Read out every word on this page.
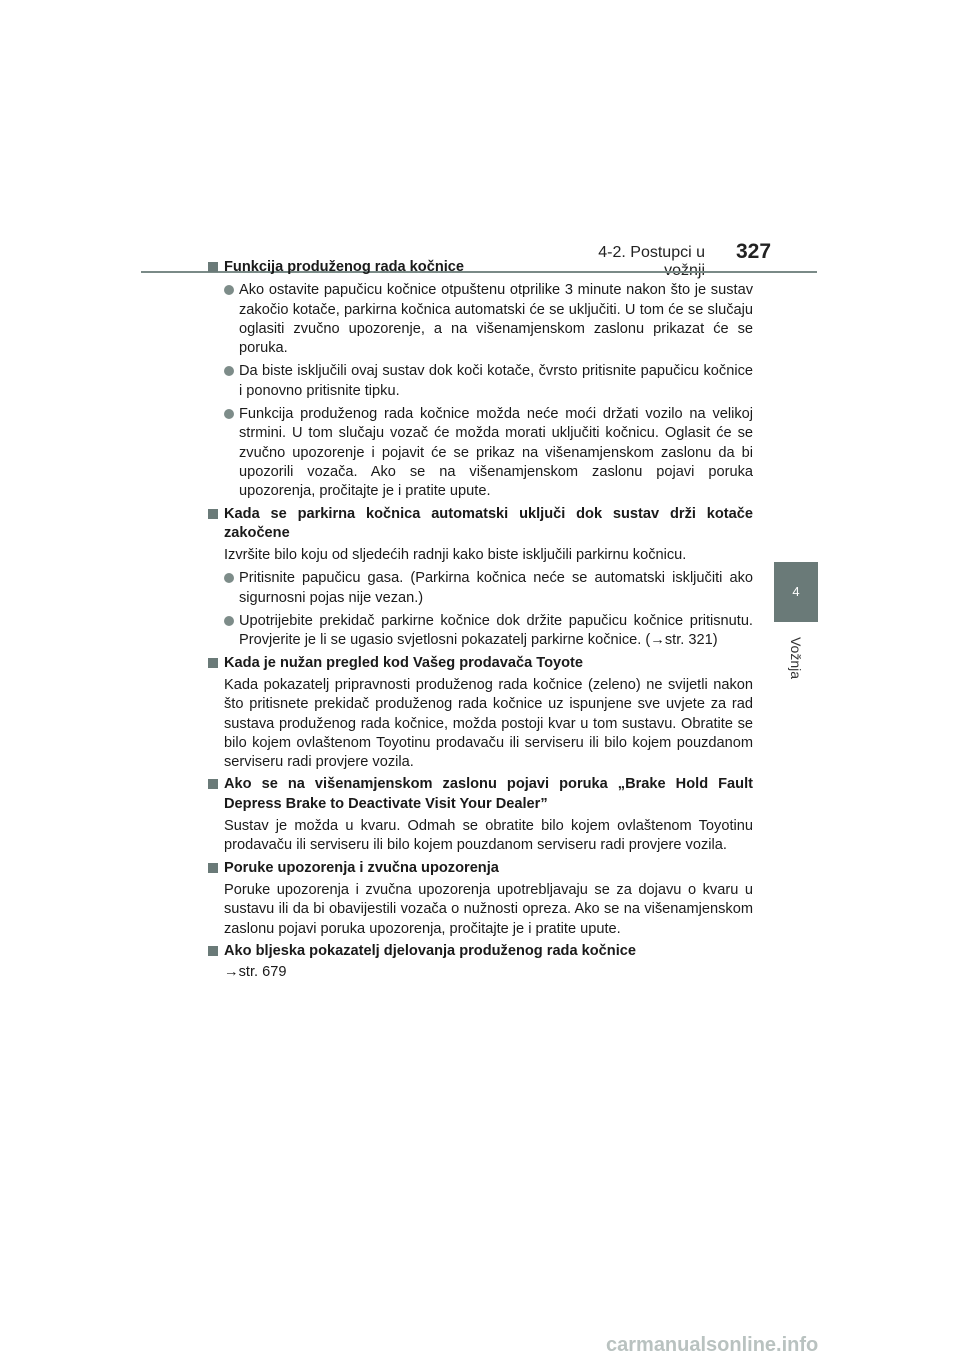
4-2. Postupci u 327
4
Vožnja
Funkcija produženog rada kočnice
Ako ostavite papučicu kočnice otpuštenu otprilike 3 minute nakon što je sustav zakočio kotače, parkirna kočnica automatski će se uključiti. U tom će se slučaju oglasiti zvučno upozorenje, a na višenamjenskom zaslonu prikazat će se poruka.
Da biste isključili ovaj sustav dok koči kotače, čvrsto pritisnite papučicu kočnice i ponovno pritisnite tipku.
Funkcija produženog rada kočnice možda neće moći držati vozilo na velikoj strmini. U tom slučaju vozač će možda morati uključiti kočnicu. Oglasit će se zvučno upozorenje i pojavit će se prikaz na višenamjenskom zaslonu da bi upozorili vozača. Ako se na višenamjenskom zaslonu pojavi poruka upozorenja, pročitajte je i pratite upute.
Kada se parkirna kočnica automatski uključi dok sustav drži kotače zakočene
Izvršite bilo koju od sljedećih radnji kako biste isključili parkirnu kočnicu.
Pritisnite papučicu gasa. (Parkirna kočnica neće se automatski isključiti ako sigurnosni pojas nije vezan.)
Upotrijebite prekidač parkirne kočnice dok držite papučicu kočnice pritisnutu. Provjerite je li se ugasio svjetlosni pokazatelj parkirne kočnice. (→str. 321)
Kada je nužan pregled kod Vašeg prodavača Toyote
Kada pokazatelj pripravnosti produženog rada kočnice (zeleno) ne svijetli nakon što pritisnete prekidač produženog rada kočnice uz ispunjene sve uvjete za rad sustava produženog rada kočnice, možda postoji kvar u tom sustavu. Obratite se bilo kojem ovlaštenom Toyotinu prodavaču ili serviseru ili bilo kojem pouzdanom serviseru radi provjere vozila.
Ako se na višenamjenskom zaslonu pojavi poruka „Brake Hold Fault Depress Brake to Deactivate Visit Your Dealer”
Sustav je možda u kvaru. Odmah se obratite bilo kojem ovlaštenom Toyotinu prodavaču ili serviseru ili bilo kojem pouzdanom serviseru radi provjere vozila.
Poruke upozorenja i zvučna upozorenja
Poruke upozorenja i zvučna upozorenja upotrebljavaju se za dojavu o kvaru u sustavu ili da bi obavijestili vozača o nužnosti opreza. Ako se na višenamjenskom zaslonu pojavi poruka upozorenja, pročitajte je i pratite upute.
Ako bljeska pokazatelj djelovanja produženog rada kočnice
→str. 679
carmanualsonline.info
